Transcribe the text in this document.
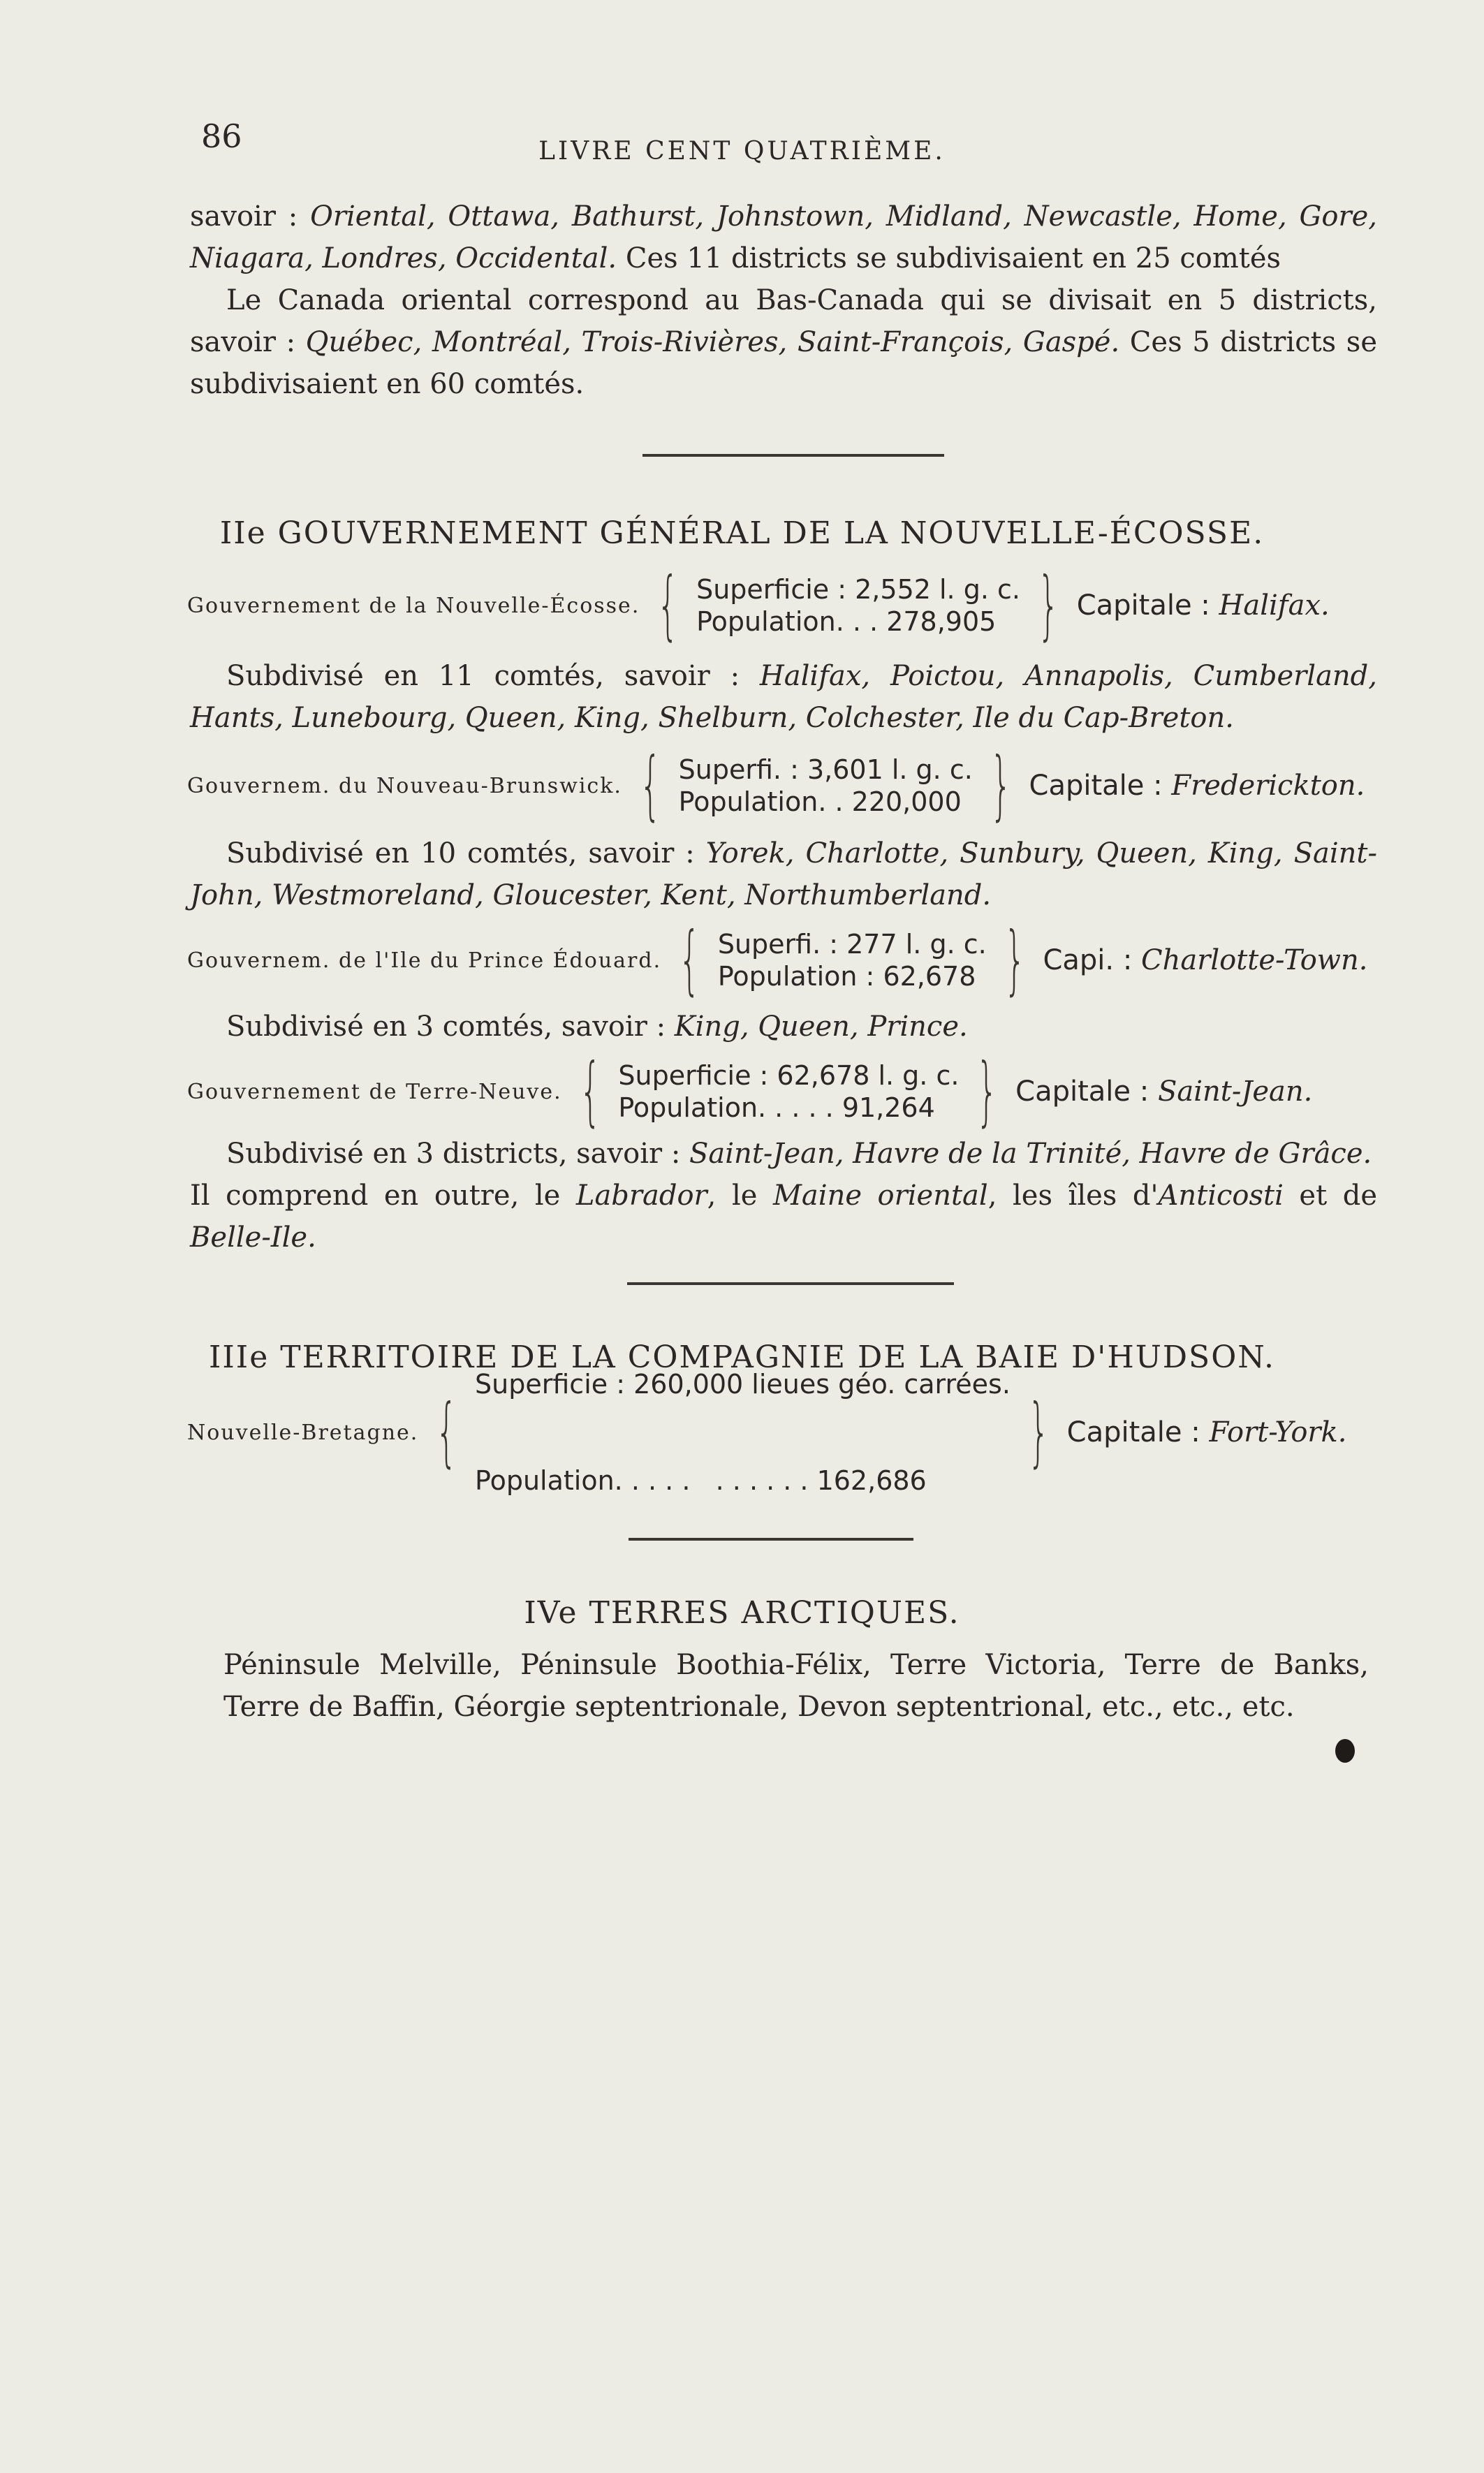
86	LIVRE CENT QUATRIÈME.

savoir : Oriental, Ottawa, Bathurst, Johnstown, Midland, Newcastle, Home, Gore, Niagara, Londres, Occidental. Ces 11 districts se subdivisaient en 25 comtés

Le Canada oriental correspond au Bas-Canada qui se divisait en 5 districts, savoir : Québec, Montréal, Trois-Rivières, Saint-François, Gaspé. Ces 5 districts se subdivisaient en 60 comtés.

IIe GOUVERNEMENT GÉNÉRAL DE LA NOUVELLE-ÉCOSSE.
Gouvernement de la Nouvelle-Écosse. { Superficie : 2,552 l. g. c.
Population. . . 278,905 } Capitale : Halifax.

Subdivisé en 11 comtés, savoir : Halifax, Poictou, Annapolis, Cumberland, Hants, Lunebourg, Queen, King, Shelburn, Colchester, Ile du Cap-Breton.

Gouvernem. du Nouveau-Brunswick. { Superfi. : 3,601 l. g. c.
Population. . 220,000 } Capitale : Frederickton.

Subdivisé en 10 comtés, savoir : Yorek, Charlotte, Sunbury, Queen, King, Saint-John, Westmoreland, Gloucester, Kent, Northumberland.

Gouvernem. de l'Ile du Prince Édouard. { Superfi. : 277 l. g. c.
Population : 62,678 } Capi. : Charlotte-Town.

Subdivisé en 3 comtés, savoir : King, Queen, Prince.

Gouvernement de Terre-Neuve. { Superficie : 62,678 l. g. c.
Population. . . . . 91,264 } Capitale : Saint-Jean.

Subdivisé en 3 districts, savoir : Saint-Jean, Havre de la Trinité, Havre de Grâce.

Il comprend en outre, le Labrador, le Maine oriental, les îles d'Anticosti et de Belle-Ile.

IIIe TERRITOIRE DE LA COMPAGNIE DE LA BAIE D'HUDSON.
Nouvelle-Bretagne. {

Superficie : 260,000 lieues géo. carrées.

Population. . . . .   . . . . . . 162,686

} Capitale : Fort-York.
IVe TERRES ARCTIQUES.

Péninsule Melville, Péninsule Boothia-Félix, Terre Victoria, Terre de Banks, Terre de Baffin, Géorgie septentrionale, Devon septentrional, etc., etc., etc.
